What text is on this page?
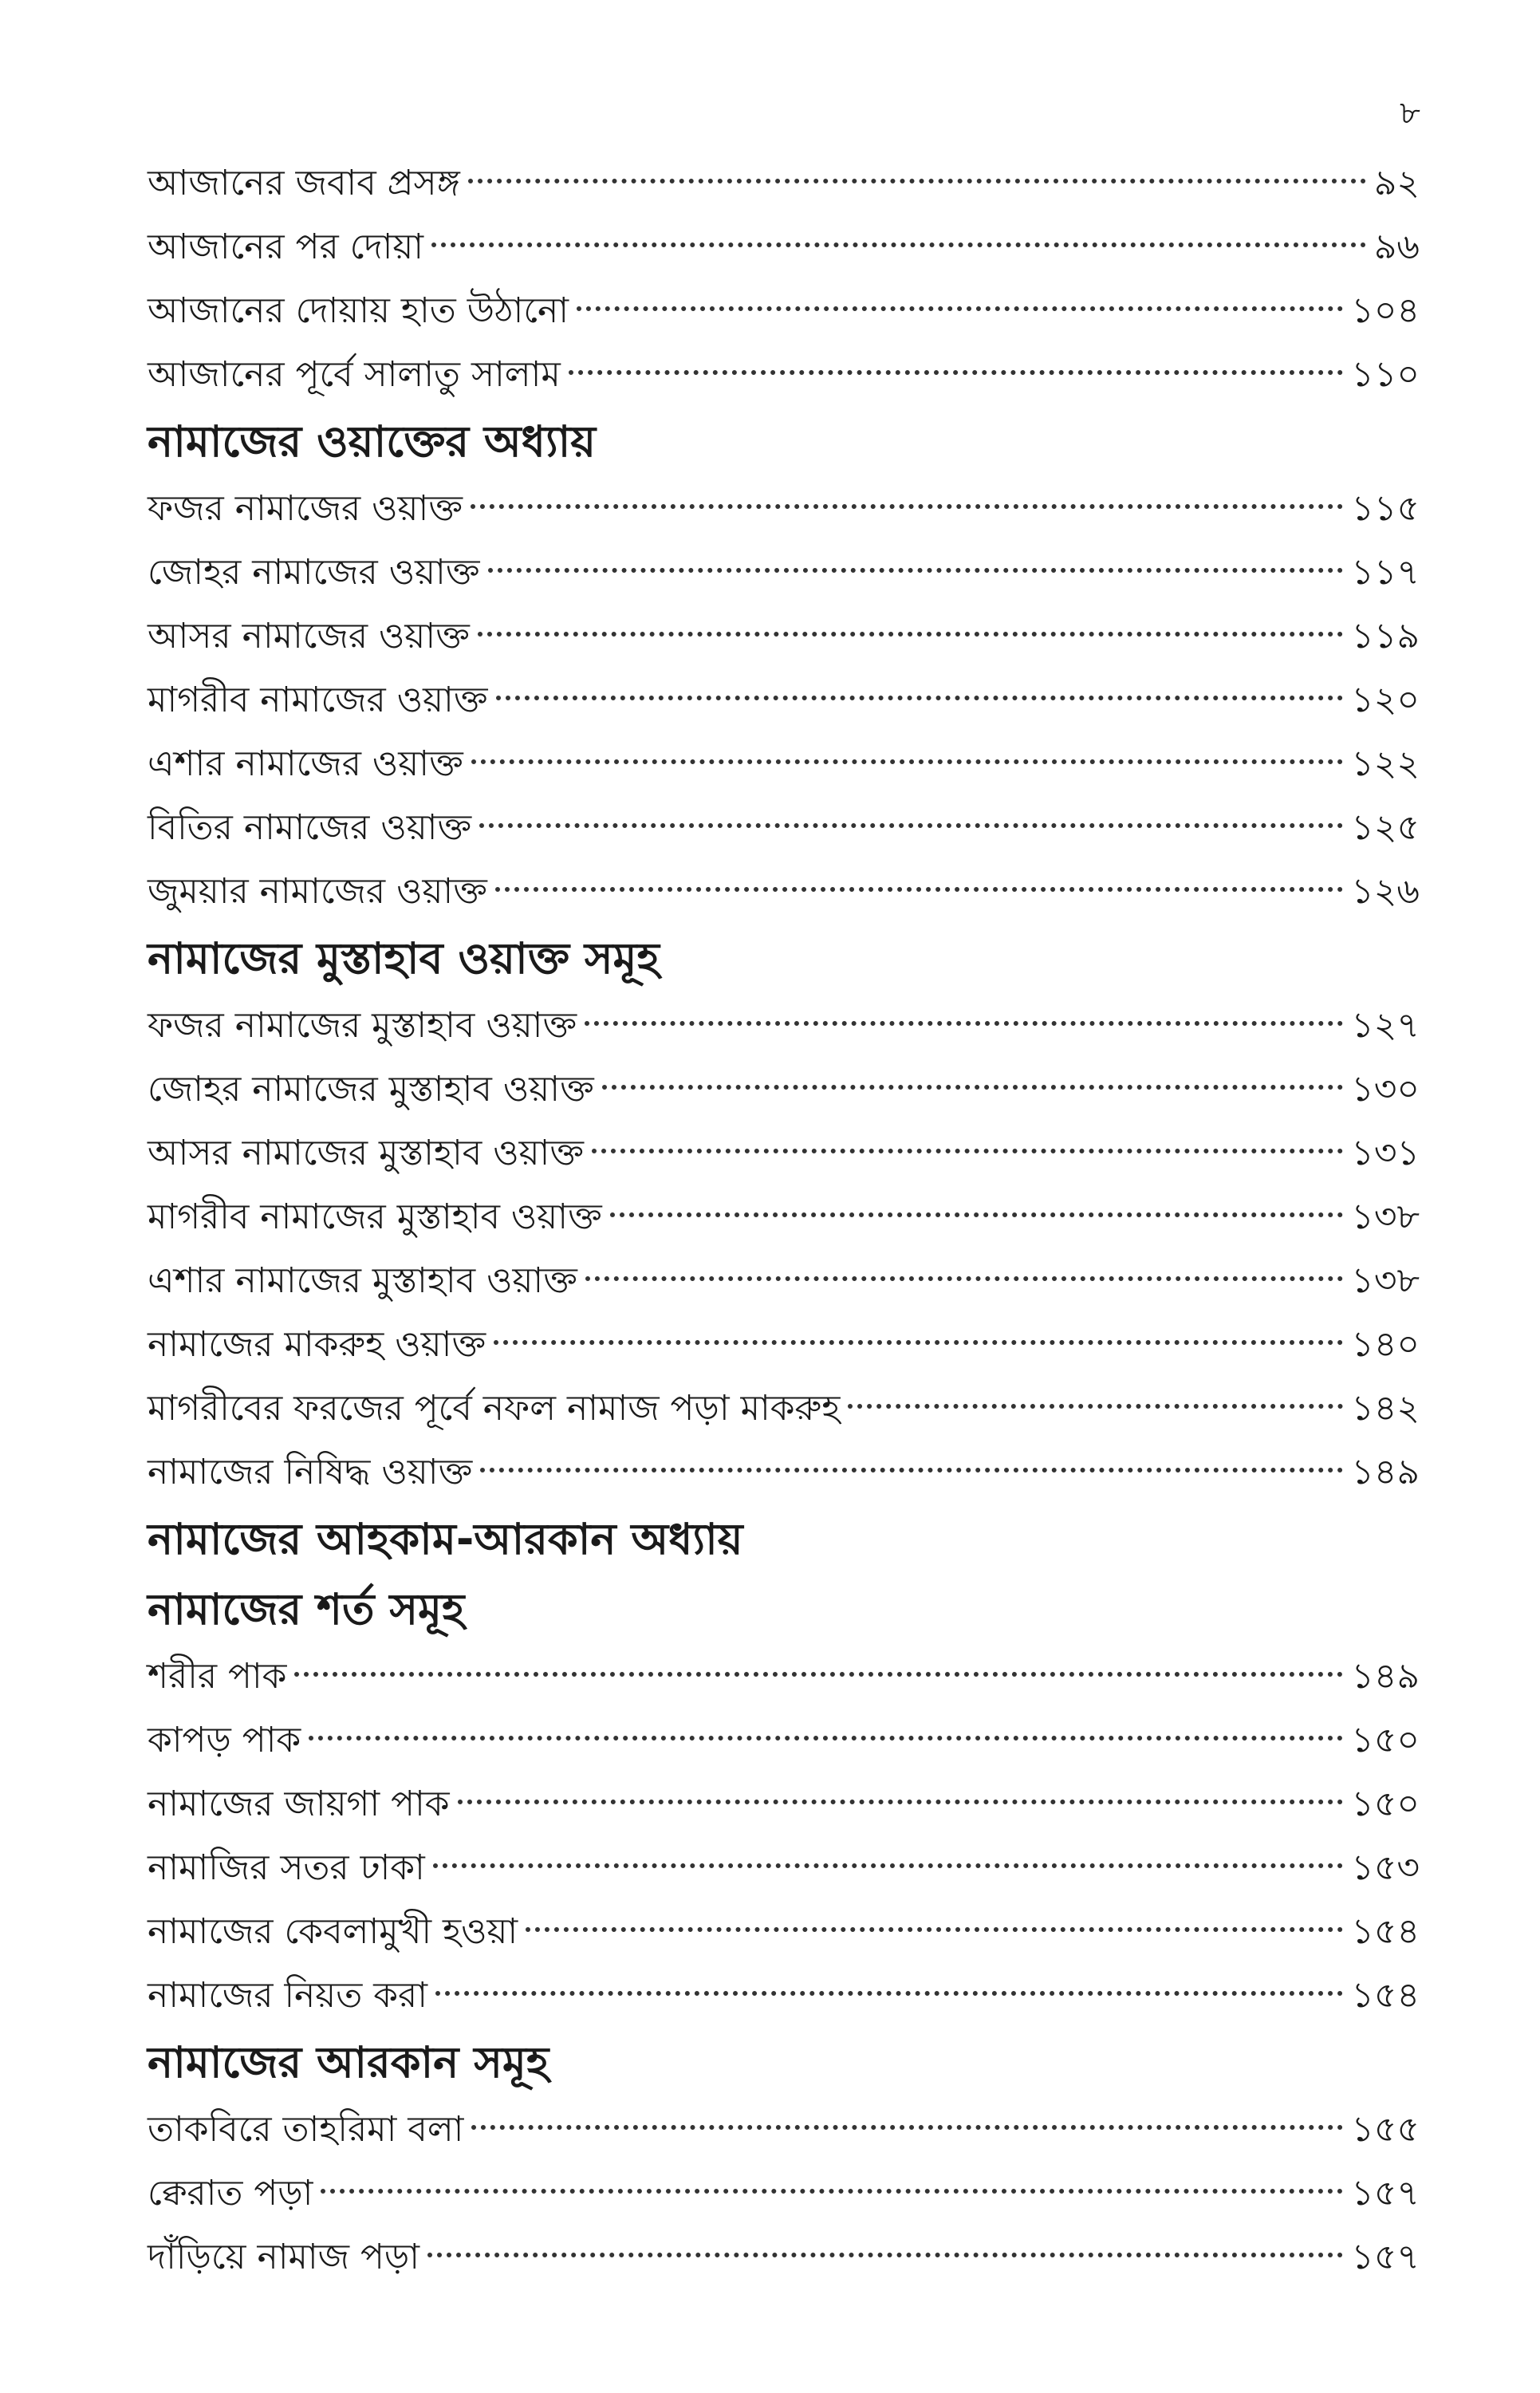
৮
আজানের জবাব প্রসঙ্গ	৯২
আজানের পর দোয়া	৯৬
আজানের দোয়ায় হাত উঠানো	১০৪
আজানের পূর্বে সালাতু সালাম	১১০
নামাজের ওয়াক্তের অধ্যায়
ফজর নামাজের ওয়াক্ত	১১৫
জোহর নামাজের ওয়াক্ত	১১৭
আসর নামাজের ওয়াক্ত	১১৯
মাগরীব নামাজের ওয়াক্ত	১২০
এশার নামাজের ওয়াক্ত	১২২
বিতির নামাজের ওয়াক্ত	১২৫
জুময়ার নামাজের ওয়াক্ত	১২৬
নামাজের মুস্তাহাব ওয়াক্ত সমূহ
ফজর নামাজের মুস্তাহাব ওয়াক্ত	১২৭
জোহর নামাজের মুস্তাহাব ওয়াক্ত	১৩০
আসর নামাজের মুস্তাহাব ওয়াক্ত	১৩১
মাগরীব নামাজের মুস্তাহাব ওয়াক্ত	১৩৮
এশার নামাজের মুস্তাহাব ওয়াক্ত	১৩৮
নামাজের মাকরুহ ওয়াক্ত	১৪০
মাগরীবের ফরজের পূর্বে নফল নামাজ পড়া মাকরুহ	১৪২
নামাজের নিষিদ্ধ ওয়াক্ত	১৪৯
নামাজের আহকাম-আরকান অধ্যায়
নামাজের শর্ত সমূহ
শরীর পাক	১৪৯
কাপড় পাক	১৫০
নামাজের জায়গা পাক	১৫০
নামাজির সতর ঢাকা	১৫৩
নামাজের কেবলামুখী হওয়া	১৫৪
নামাজের নিয়ত করা	১৫৪
নামাজের আরকান সমূহ
তাকবিরে তাহরিমা বলা	১৫৫
ক্বেরাত পড়া	১৫৭
দাঁড়িয়ে নামাজ পড়া	১৫৭
